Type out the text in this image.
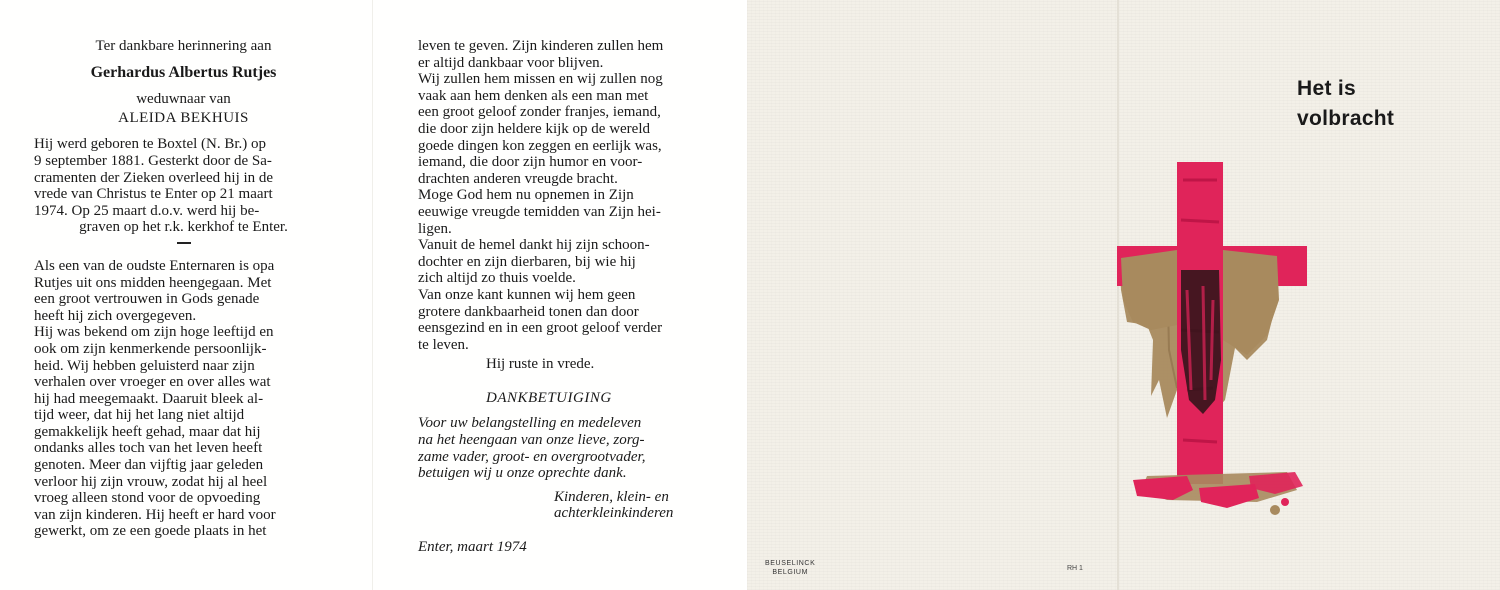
Ter dankbare herinnering aan
Gerhardus Albertus Rutjes
weduwnaar van
ALEIDA BEKHUIS
Hij werd geboren te Boxtel (N. Br.) op
9 september 1881. Gesterkt door de Sa-
cramenten der Zieken overleed hij in de
vrede van Christus te Enter op 21 maart
1974. Op 25 maart d.o.v. werd hij be-
graven op het r.k. kerkhof te Enter.
Als een van de oudste Enternaren is opa
Rutjes uit ons midden heengegaan. Met
een groot vertrouwen in Gods genade
heeft hij zich overgegeven.
Hij was bekend om zijn hoge leeftijd en
ook om zijn kenmerkende persoonlijk-
heid. Wij hebben geluisterd naar zijn
verhalen over vroeger en over alles wat
hij had meegemaakt. Daaruit bleek al-
tijd weer, dat hij het lang niet altijd
gemakkelijk heeft gehad, maar dat hij
ondanks alles toch van het leven heeft
genoten. Meer dan vijftig jaar geleden
verloor hij zijn vrouw, zodat hij al heel
vroeg alleen stond voor de opvoeding
van zijn kinderen. Hij heeft er hard voor
gewerkt, om ze een goede plaats in het
leven te geven. Zijn kinderen zullen hem
er altijd dankbaar voor blijven.
Wij zullen hem missen en wij zullen nog
vaak aan hem denken als een man met
een groot geloof zonder franjes, iemand,
die door zijn heldere kijk op de wereld
goede dingen kon zeggen en eerlijk was,
iemand, die door zijn humor en voor-
drachten anderen vreugde bracht.
Moge God hem nu opnemen in Zijn
eeuwige vreugde temidden van Zijn hei-
ligen.
Vanuit de hemel dankt hij zijn schoon-
dochter en zijn dierbaren, bij wie hij
zich altijd zo thuis voelde.
Van onze kant kunnen wij hem geen
grotere dankbaarheid tonen dan door
eensgezind en in een groot geloof verder
te leven.
Hij ruste in vrede.
DANKBETUIGING
Voor uw belangstelling en medeleven
na het heengaan van onze lieve, zorg-
zame vader, groot- en overgrootvader,
betuigen wij u onze oprechte dank.
Kinderen, klein- en
achterkleinkinderen
Enter, maart 1974
Het is
volbracht
BEUSELINCK
BELGIUM
RH 1
